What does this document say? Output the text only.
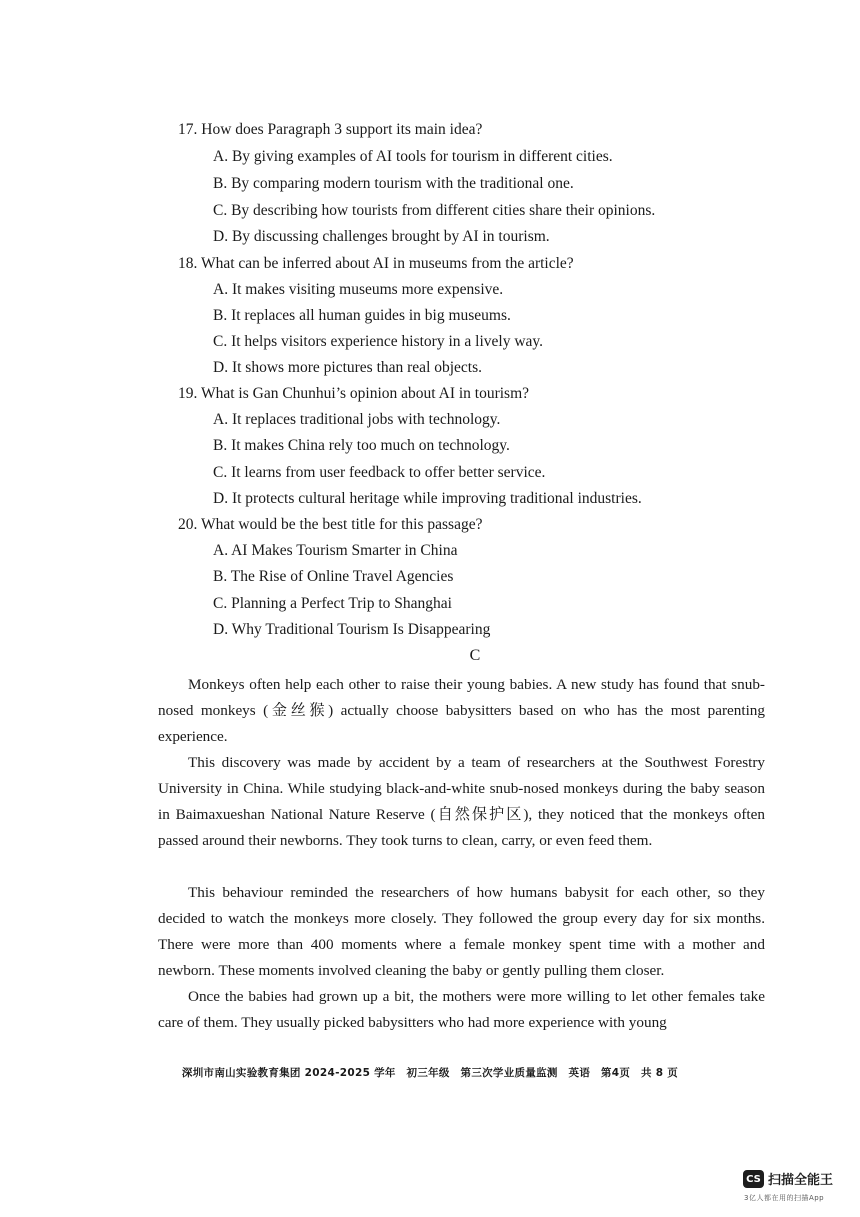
17. How does Paragraph 3 support its main idea?
A. By giving examples of AI tools for tourism in different cities.
B. By comparing modern tourism with the traditional one.
C. By describing how tourists from different cities share their opinions.
D. By discussing challenges brought by AI in tourism.
18. What can be inferred about AI in museums from the article?
A. It makes visiting museums more expensive.
B. It replaces all human guides in big museums.
C. It helps visitors experience history in a lively way.
D. It shows more pictures than real objects.
19. What is Gan Chunhui’s opinion about AI in tourism?
A. It replaces traditional jobs with technology.
B. It makes China rely too much on technology.
C. It learns from user feedback to offer better service.
D. It protects cultural heritage while improving traditional industries.
20. What would be the best title for this passage?
A. AI Makes Tourism Smarter in China
B. The Rise of Online Travel Agencies
C. Planning a Perfect Trip to Shanghai
D. Why Traditional Tourism Is Disappearing
C
Monkeys often help each other to raise their young babies. A new study has found that snub-nosed monkeys (金丝猴) actually choose babysitters based on who has the most parenting experience.
This discovery was made by accident by a team of researchers at the Southwest Forestry University in China. While studying black-and-white snub-nosed monkeys during the baby season in Baimaxueshan National Nature Reserve (自然保护区), they noticed that the monkeys often passed around their newborns. They took turns to clean, carry, or even feed them.
This behaviour reminded the researchers of how humans babysit for each other, so they decided to watch the monkeys more closely. They followed the group every day for six months. There were more than 400 moments where a female monkey spent time with a mother and newborn. These moments involved cleaning the baby or gently pulling them closer.
Once the babies had grown up a bit, the mothers were more willing to let other females take care of them. They usually picked babysitters who had more experience with young
深圳市南山实验教育集团 2024-2025 学年　初三年级　第三次学业质量监测　英语　第4页　共 8 页
CS 扫描全能王
3亿人都在用的扫描App
